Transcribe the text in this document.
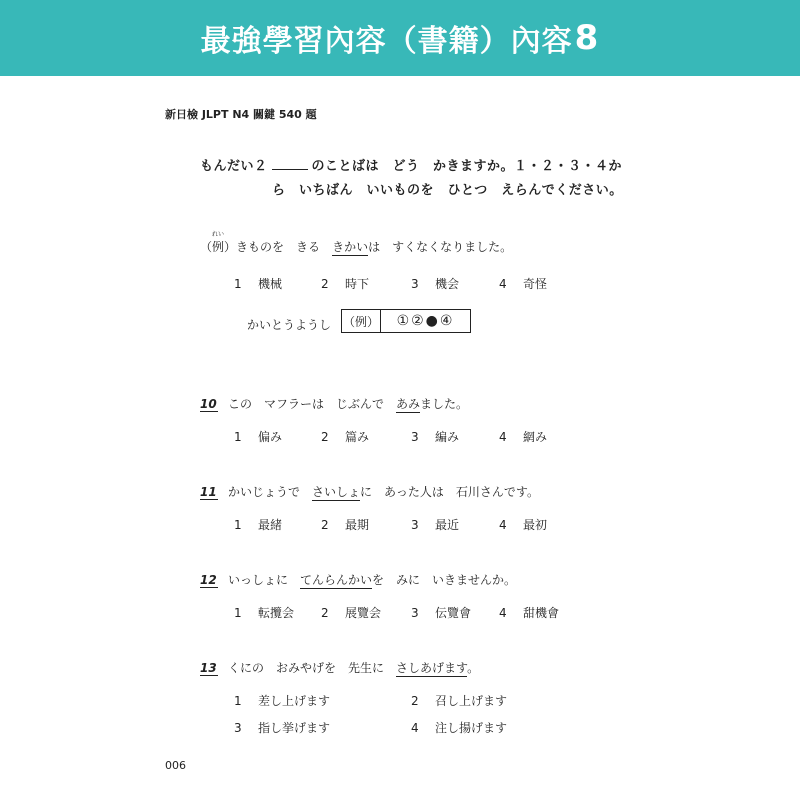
最強學習內容（書籍）內容 8
新日檢 JLPT N4 關鍵 540 題
もんだい２	のことばは　どう　かきますか。１・２・３・４か
ら　いちばん　いいものを　ひとつ　えらんでください。
（
れい
例）きものを　きる　きかいは　すくなくなりました。
1 機械	2 時下	3 機会	4 奇怪
かいとうようし （例）	①②●④
10 この　マフラーは　じぶんで　あみました。
1 偏み	2 篇み	3 編み	4 網み
11 かいじょうで　さいしょに　あった人は　石川さんです。
1 最緒	2 最期	3 最近	4 最初
12 いっしょに　てんらんかいを　みに　いきませんか。
1 転攬会 2 展覽会 3 伝覽會 4 甜機會
13 くにの　おみやげを　先生に　さしあげます。
1 差し上げます	2 召し上げます
3 指し挙げます	4 注し揚げます
006
